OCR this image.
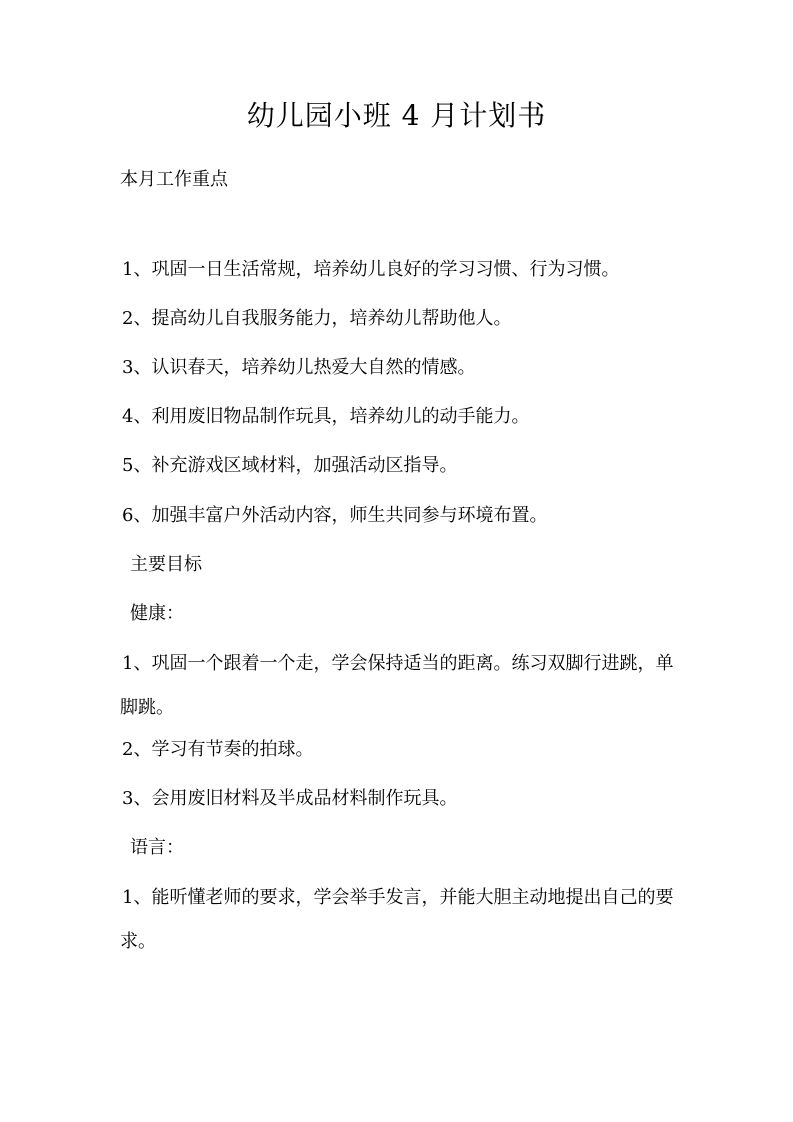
幼儿园小班 4 月计划书

本月工作重点

1、巩固一日生活常规，培养幼儿良好的学习习惯、行为习惯。

2、提高幼儿自我服务能力，培养幼儿帮助他人。

3、认识春天，培养幼儿热爱大自然的情感。

4、利用废旧物品制作玩具，培养幼儿的动手能力。

5、补充游戏区域材料，加强活动区指导。

6、加强丰富户外活动内容，师生共同参与环境布置。

主要目标

健康：

1、巩固一个跟着一个走，学会保持适当的距离。练习双脚行进跳，单脚跳。

2、学习有节奏的拍球。

3、会用废旧材料及半成品材料制作玩具。

语言：

1、能听懂老师的要求，学会举手发言，并能大胆主动地提出自己的要求。
